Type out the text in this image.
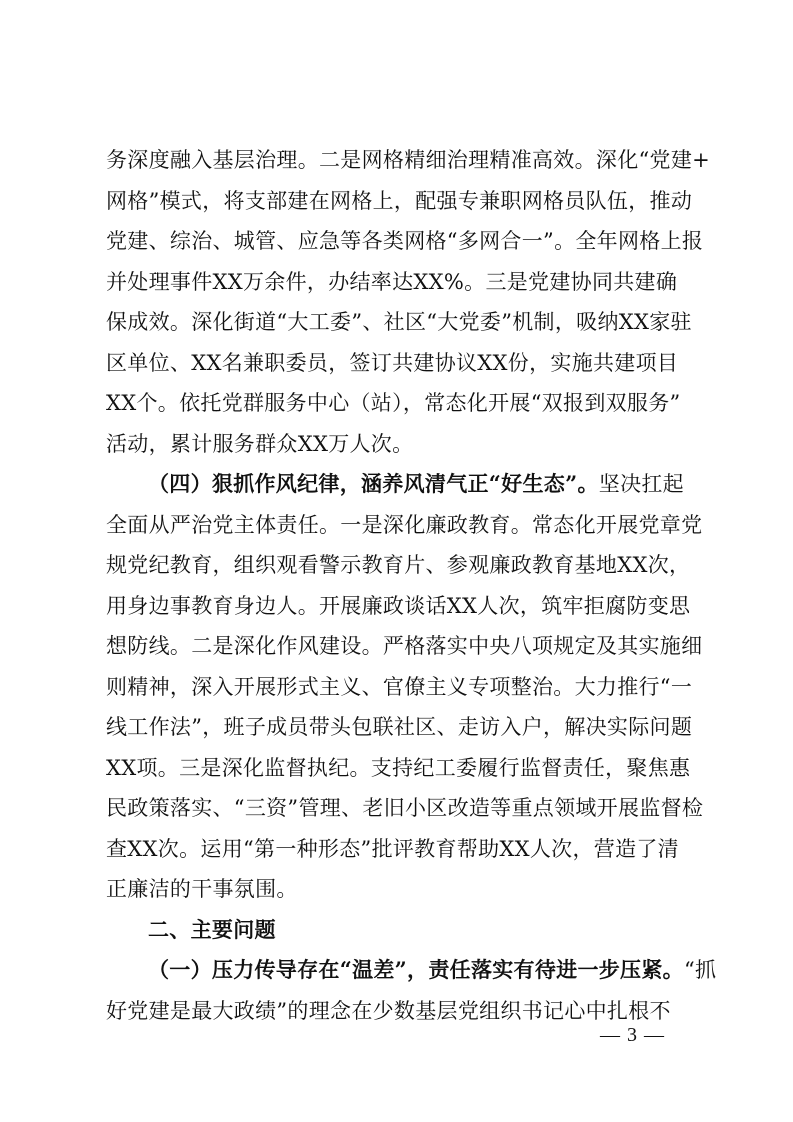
务深度融入基层治理。二是网格精细治理精准高效。深化“党建+
网格”模式，将支部建在网格上，配强专兼职网格员队伍，推动
党建、综治、城管、应急等各类网格“多网合一”。全年网格上报
并处理事件XX万余件，办结率达XX%。三是党建协同共建确
保成效。深化街道“大工委”、社区“大党委”机制，吸纳XX家驻
区单位、XX名兼职委员，签订共建协议XX份，实施共建项目
XX个。依托党群服务中心（站），常态化开展“双报到双服务”
活动，累计服务群众XX万人次。
（四）狠抓作风纪律，涵养风清气正“好生态”。坚决扛起
全面从严治党主体责任。一是深化廉政教育。常态化开展党章党
规党纪教育，组织观看警示教育片、参观廉政教育基地XX次，
用身边事教育身边人。开展廉政谈话XX人次，筑牢拒腐防变思
想防线。二是深化作风建设。严格落实中央八项规定及其实施细
则精神，深入开展形式主义、官僚主义专项整治。大力推行“一
线工作法”，班子成员带头包联社区、走访入户，解决实际问题
XX项。三是深化监督执纪。支持纪工委履行监督责任，聚焦惠
民政策落实、“三资”管理、老旧小区改造等重点领域开展监督检
查XX次。运用“第一种形态”批评教育帮助XX人次，营造了清
正廉洁的干事氛围。
二、主要问题
（一）压力传导存在“温差”，责任落实有待进一步压紧。“抓
好党建是最大政绩”的理念在少数基层党组织书记心中扎根不
— 3 —
